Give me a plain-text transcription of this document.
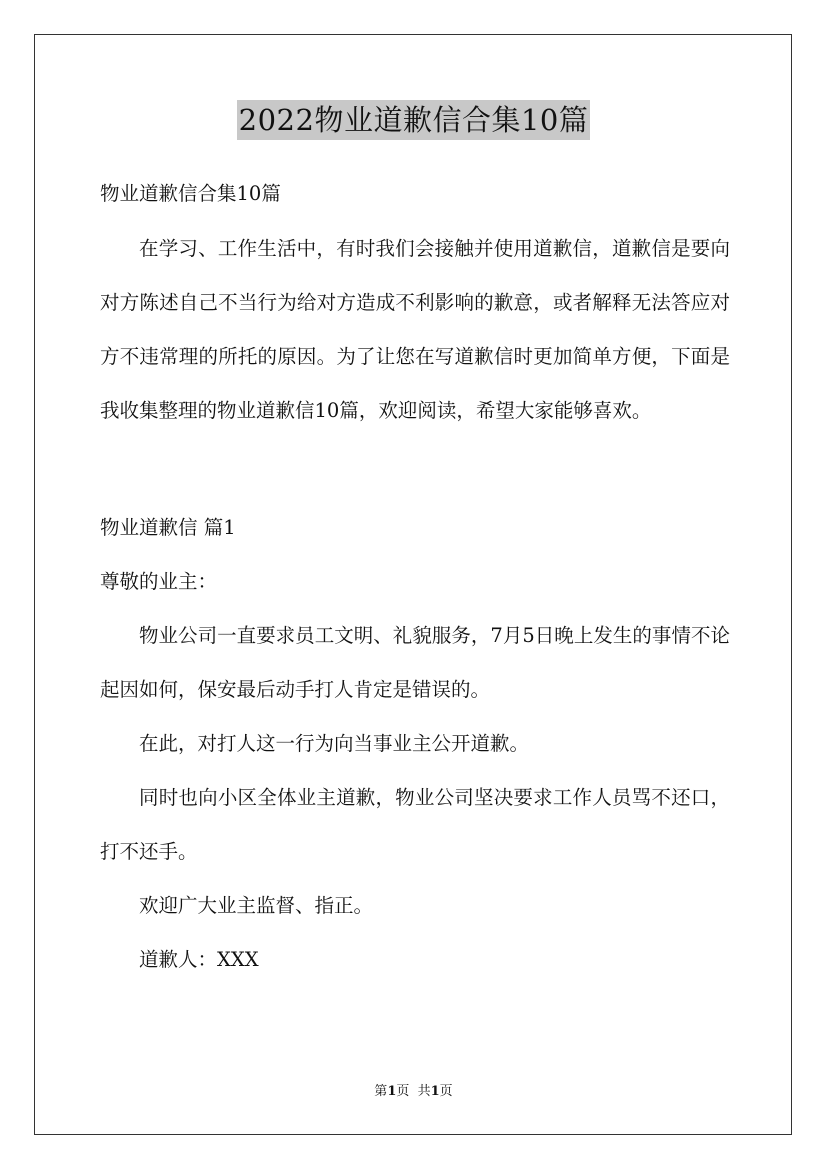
2022物业道歉信合集10篇
物业道歉信合集10篇
在学习、工作生活中，有时我们会接触并使用道歉信，道歉信是要向对方陈述自己不当行为给对方造成不利影响的歉意，或者解释无法答应对方不违常理的所托的原因。为了让您在写道歉信时更加简单方便，下面是我收集整理的物业道歉信10篇，欢迎阅读，希望大家能够喜欢。
物业道歉信 篇1
尊敬的业主：
物业公司一直要求员工文明、礼貌服务，7月5日晚上发生的事情不论起因如何，保安最后动手打人肯定是错误的。
在此，对打人这一行为向当事业主公开道歉。
同时也向小区全体业主道歉，物业公司坚决要求工作人员骂不还口，打不还手。
欢迎广大业主监督、指正。
道歉人：XXX
第1页  共1页
